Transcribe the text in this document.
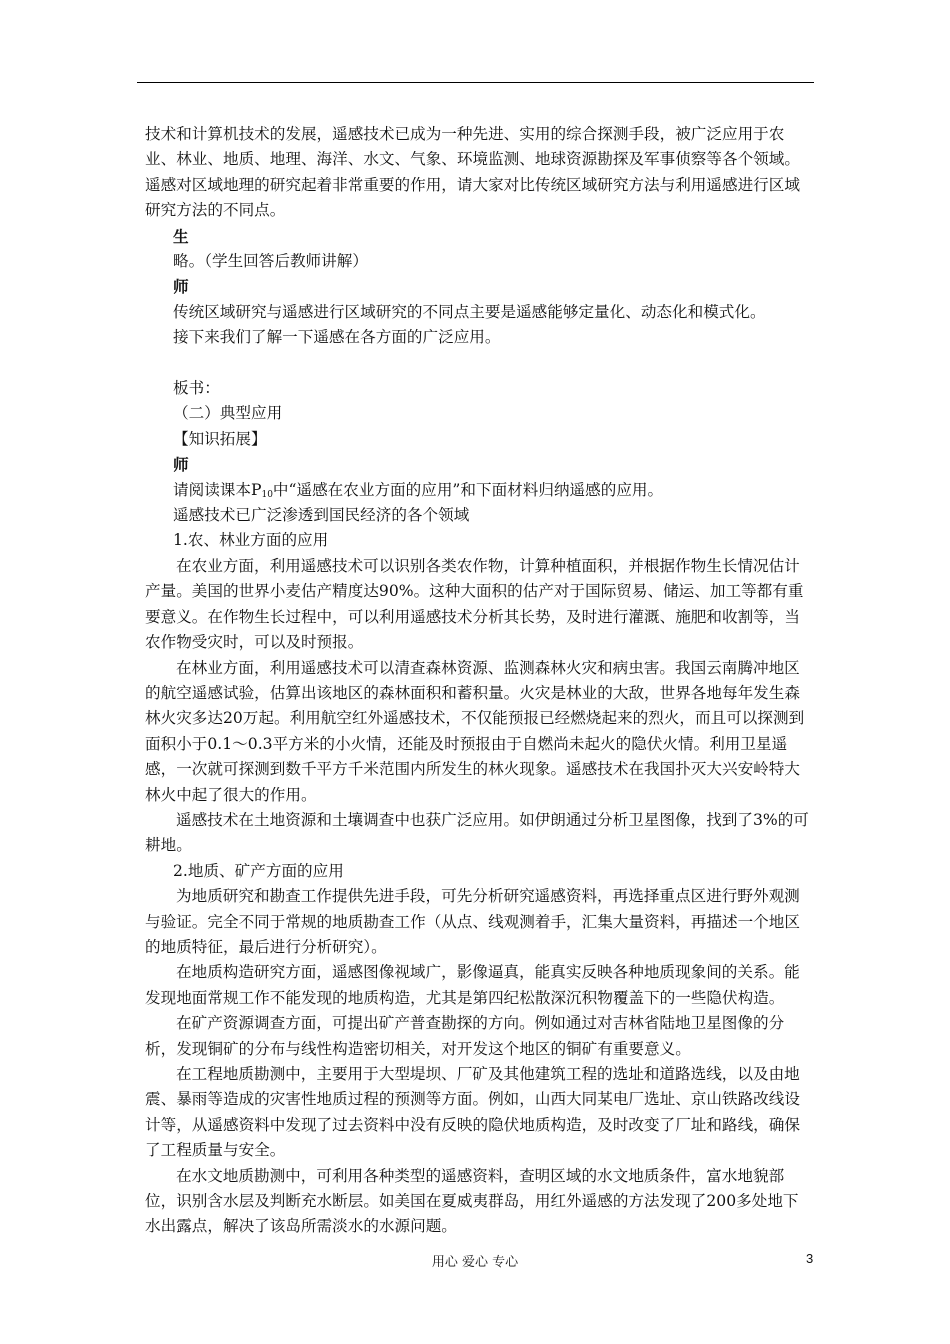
技术和计算机技术的发展，遥感技术已成为一种先进、实用的综合探测手段，被广泛应用于农业、林业、地质、地理、海洋、水文、气象、环境监测、地球资源勘探及军事侦察等各个领域。遥感对区域地理的研究起着非常重要的作用，请大家对比传统区域研究方法与利用遥感进行区域研究方法的不同点。

生

略。（学生回答后教师讲解）

师

传统区域研究与遥感进行区域研究的不同点主要是遥感能够定量化、动态化和模式化。

接下来我们了解一下遥感在各方面的广泛应用。

板书：

（二）典型应用

【知识拓展】

师

请阅读课本$P_{10}$中“遥感在农业方面的应用”和下面材料归纳遥感的应用。

遥感技术已广泛渗透到国民经济的各个领域

1.农、林业方面的应用

在农业方面，利用遥感技术可以识别各类农作物，计算种植面积，并根据作物生长情况估计产量。美国的世界小麦估产精度达90%。这种大面积的估产对于国际贸易、储运、加工等都有重要意义。在作物生长过程中，可以利用遥感技术分析其长势，及时进行灌溉、施肥和收割等，当农作物受灾时，可以及时预报。

在林业方面，利用遥感技术可以清查森林资源、监测森林火灾和病虫害。我国云南腾冲地区的航空遥感试验，估算出该地区的森林面积和蓄积量。火灾是林业的大敌，世界各地每年发生森林火灾多达20万起。利用航空红外遥感技术，不仅能预报已经燃烧起来的烈火，而且可以探测到面积小于0.1～0.3平方米的小火情，还能及时预报由于自燃尚未起火的隐伏火情。利用卫星遥感，一次就可探测到数千平方千米范围内所发生的林火现象。遥感技术在我国扑灭大兴安岭特大林火中起了很大的作用。

遥感技术在土地资源和土壤调查中也获广泛应用。如伊朗通过分析卫星图像，找到了3%的可耕地。

2.地质、矿产方面的应用

为地质研究和勘查工作提供先进手段，可先分析研究遥感资料，再选择重点区进行野外观测与验证。完全不同于常规的地质勘查工作（从点、线观测着手，汇集大量资料，再描述一个地区的地质特征，最后进行分析研究）。

在地质构造研究方面，遥感图像视域广，影像逼真，能真实反映各种地质现象间的关系。能发现地面常规工作不能发现的地质构造，尤其是第四纪松散深沉积物覆盖下的一些隐伏构造。

在矿产资源调查方面，可提出矿产普查勘探的方向。例如通过对吉林省陆地卫星图像的分析，发现铜矿的分布与线性构造密切相关，对开发这个地区的铜矿有重要意义。

在工程地质勘测中，主要用于大型堤坝、厂矿及其他建筑工程的选址和道路选线，以及由地震、暴雨等造成的灾害性地质过程的预测等方面。例如，山西大同某电厂选址、京山铁路改线设计等，从遥感资料中发现了过去资料中没有反映的隐伏地质构造，及时改变了厂址和路线，确保了工程质量与安全。

在水文地质勘测中，可利用各种类型的遥感资料，查明区域的水文地质条件，富水地貌部位，识别含水层及判断充水断层。如美国在夏威夷群岛，用红外遥感的方法发现了200多处地下水出露点，解决了该岛所需淡水的水源问题。

用心 爱心 专心	3
